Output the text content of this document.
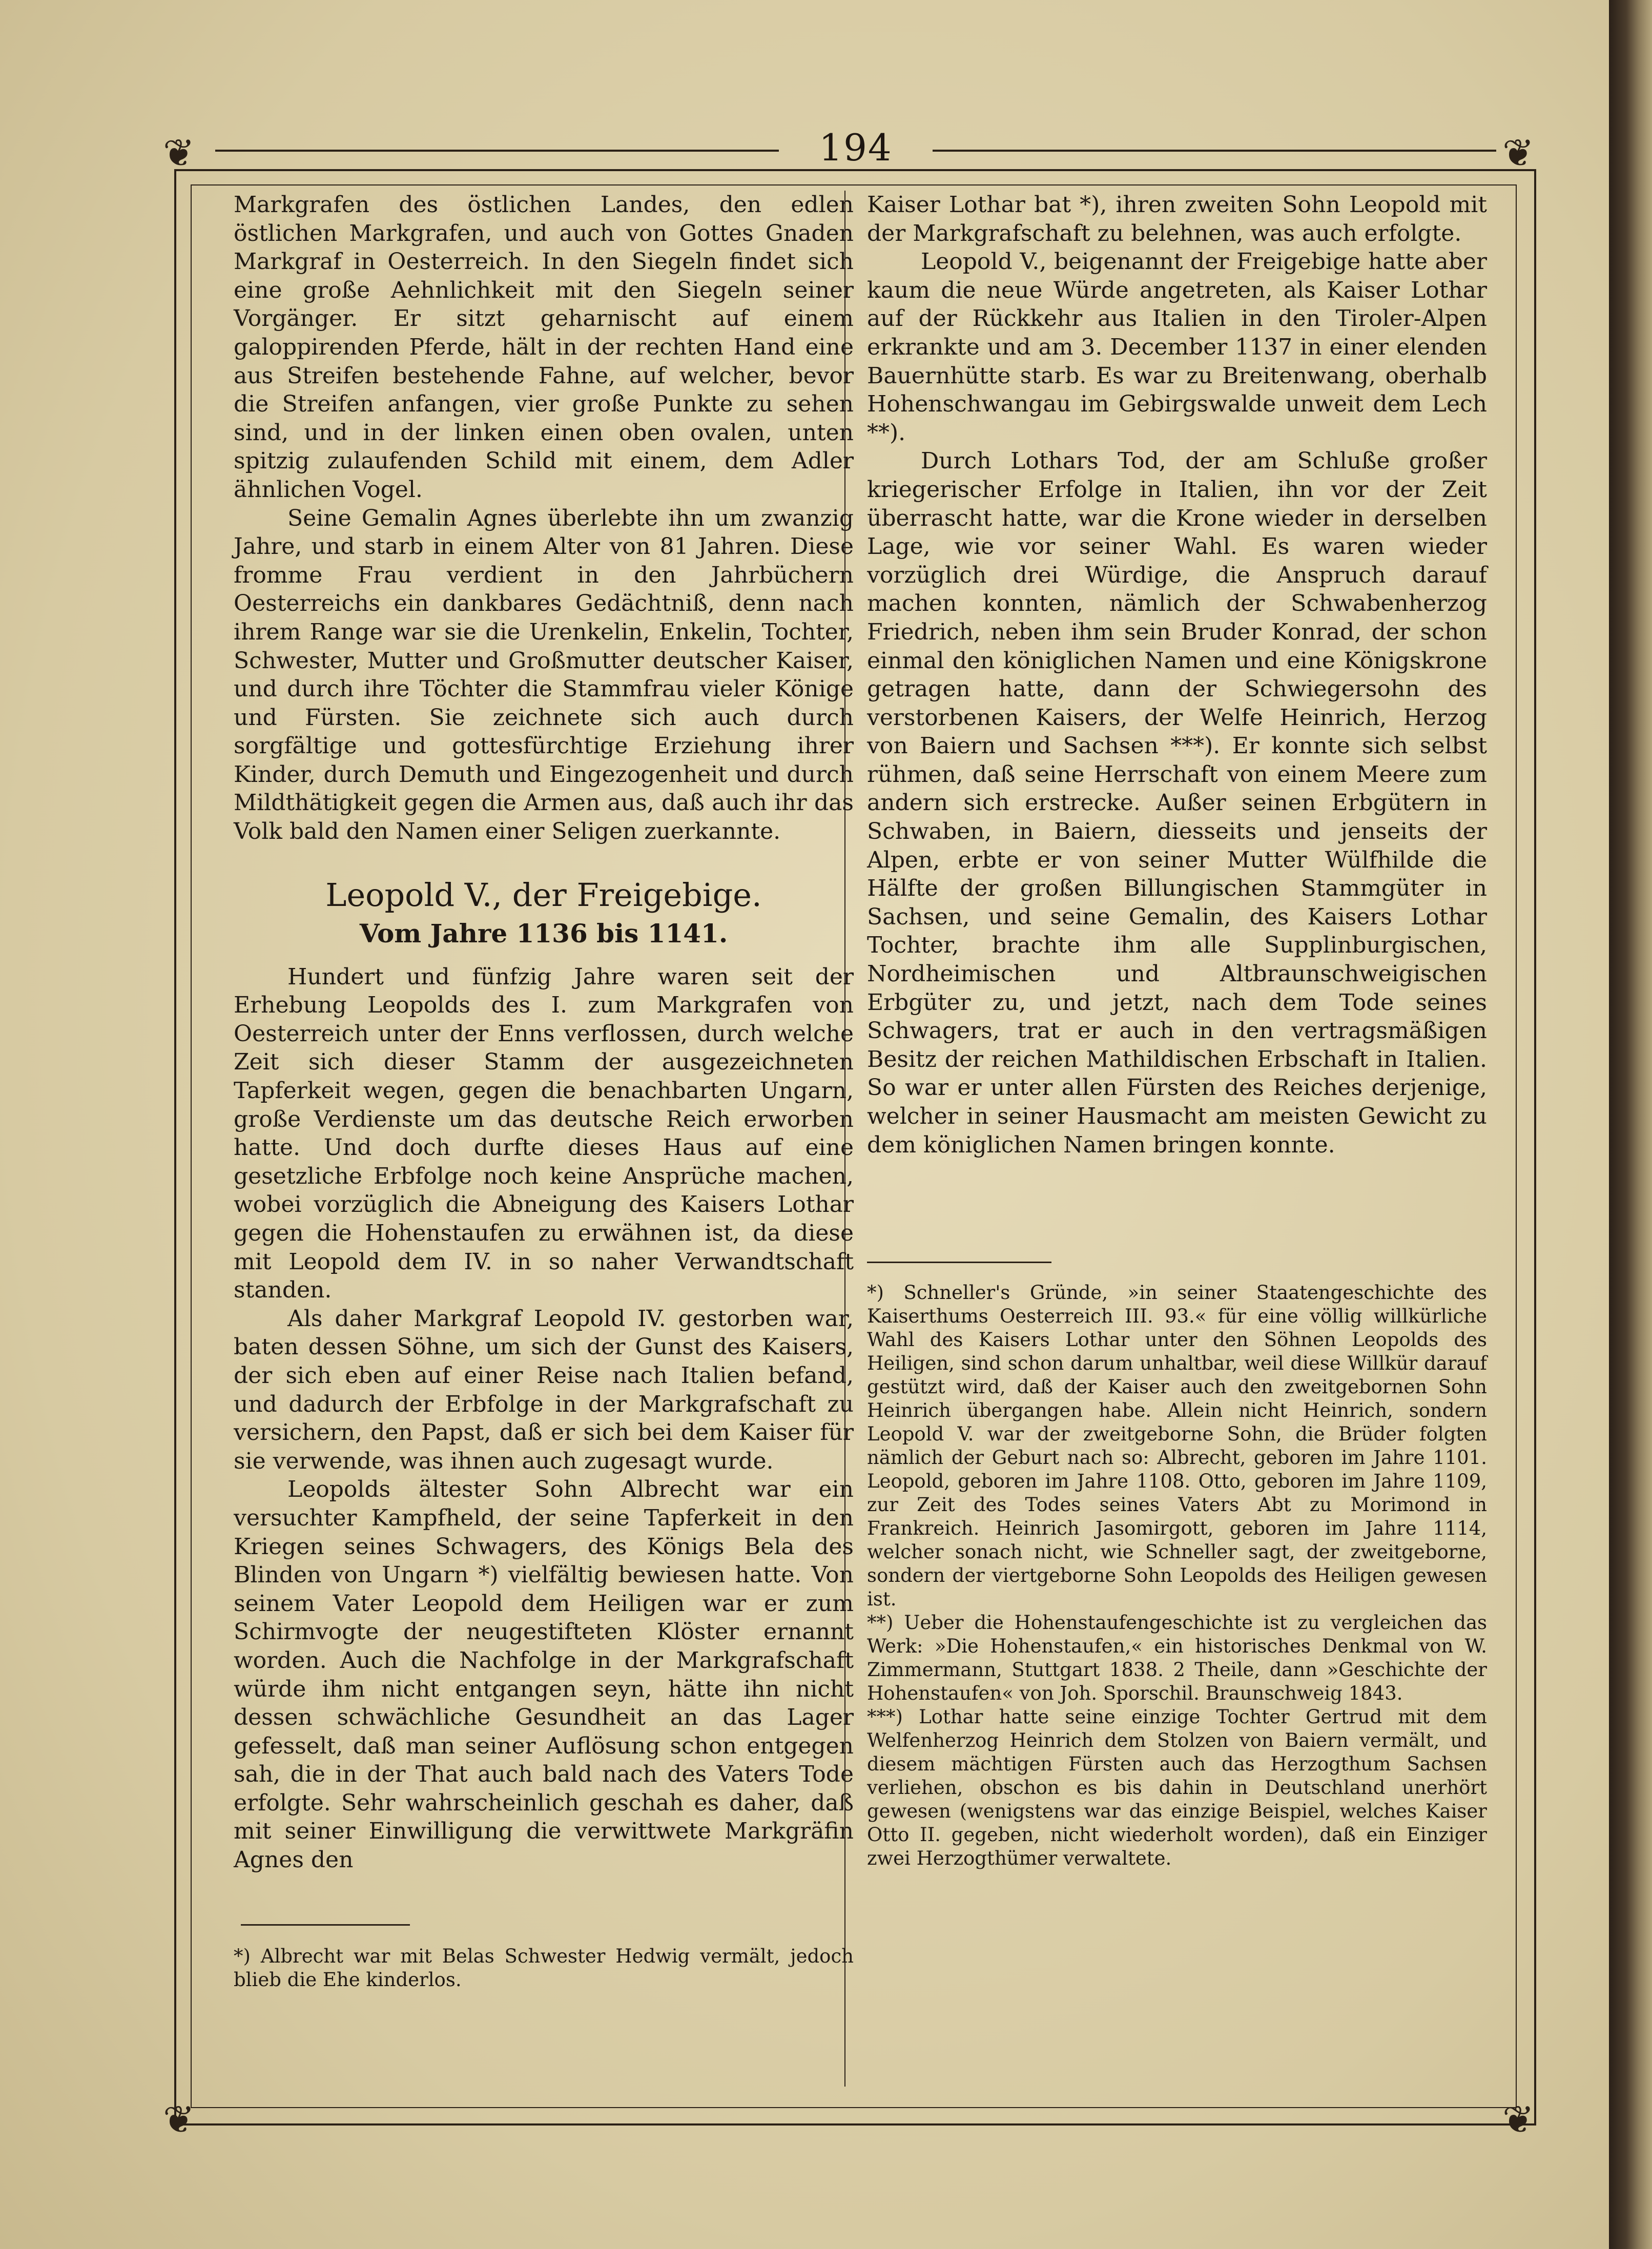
❦	❦
❦	❦
194

Markgrafen des östlichen Landes, den edlen östlichen Markgrafen, und auch von Gottes Gnaden Markgraf in Oesterreich. In den Siegeln findet sich eine große Aehnlichkeit mit den Siegeln seiner Vorgänger. Er sitzt geharnischt auf einem galoppirenden Pferde, hält in der rechten Hand eine aus Streifen bestehende Fahne, auf welcher, bevor die Streifen anfangen, vier große Punkte zu sehen sind, und in der linken einen oben ovalen, unten spitzig zulaufenden Schild mit einem, dem Adler ähnlichen Vogel.

Seine Gemalin Agnes überlebte ihn um zwanzig Jahre, und starb in einem Alter von 81 Jahren. Diese fromme Frau verdient in den Jahrbüchern Oesterreichs ein dankbares Gedächtniß, denn nach ihrem Range war sie die Urenkelin, Enkelin, Tochter, Schwester, Mutter und Großmutter deutscher Kaiser, und durch ihre Töchter die Stammfrau vieler Könige und Fürsten. Sie zeichnete sich auch durch sorgfältige und gottesfürchtige Erziehung ihrer Kinder, durch Demuth und Eingezogenheit und durch Mildthätigkeit gegen die Armen aus, daß auch ihr das Volk bald den Namen einer Seligen zuerkannte.

Leopold V., der Freigebige.
Vom Jahre 1136 bis 1141.

Hundert und fünfzig Jahre waren seit der Erhebung Leopolds des I. zum Markgrafen von Oesterreich unter der Enns verflossen, durch welche Zeit sich dieser Stamm der ausgezeichneten Tapferkeit wegen, gegen die benachbarten Ungarn, große Verdienste um das deutsche Reich erworben hatte. Und doch durfte dieses Haus auf eine gesetzliche Erbfolge noch keine Ansprüche machen, wobei vorzüglich die Abneigung des Kaisers Lothar gegen die Hohenstaufen zu erwähnen ist, da diese mit Leopold dem IV. in so naher Verwandtschaft standen.

Als daher Markgraf Leopold IV. gestorben war, baten dessen Söhne, um sich der Gunst des Kaisers, der sich eben auf einer Reise nach Italien befand, und dadurch der Erbfolge in der Markgrafschaft zu versichern, den Papst, daß er sich bei dem Kaiser für sie verwende, was ihnen auch zugesagt wurde.

Leopolds ältester Sohn Albrecht war ein versuchter Kampfheld, der seine Tapferkeit in den Kriegen seines Schwagers, des Königs Bela des Blinden von Ungarn *) vielfältig bewiesen hatte. Von seinem Vater Leopold dem Heiligen war er zum Schirmvogte der neugestifteten Klöster ernannt worden. Auch die Nachfolge in der Markgrafschaft würde ihm nicht entgangen seyn, hätte ihn nicht dessen schwächliche Gesundheit an das Lager gefesselt, daß man seiner Auflösung schon entgegen sah, die in der That auch bald nach des Vaters Tode erfolgte. Sehr wahrscheinlich geschah es daher, daß mit seiner Einwilligung die verwittwete Markgräfin Agnes den

*) Albrecht war mit Belas Schwester Hedwig vermält, jedoch blieb die Ehe kinderlos.

Kaiser Lothar bat *), ihren zweiten Sohn Leopold mit der Markgrafschaft zu belehnen, was auch erfolgte.

Leopold V., beigenannt der Freigebige hatte aber kaum die neue Würde angetreten, als Kaiser Lothar auf der Rückkehr aus Italien in den Tiroler-Alpen erkrankte und am 3. December 1137 in einer elenden Bauernhütte starb. Es war zu Breitenwang, oberhalb Hohenschwangau im Gebirgswalde unweit dem Lech **).

Durch Lothars Tod, der am Schluße großer kriegerischer Erfolge in Italien, ihn vor der Zeit überrascht hatte, war die Krone wieder in derselben Lage, wie vor seiner Wahl. Es waren wieder vorzüglich drei Würdige, die Anspruch darauf machen konnten, nämlich der Schwabenherzog Friedrich, neben ihm sein Bruder Konrad, der schon einmal den königlichen Namen und eine Königskrone getragen hatte, dann der Schwiegersohn des verstorbenen Kaisers, der Welfe Heinrich, Herzog von Baiern und Sachsen ***). Er konnte sich selbst rühmen, daß seine Herrschaft von einem Meere zum andern sich erstrecke. Außer seinen Erbgütern in Schwaben, in Baiern, diesseits und jenseits der Alpen, erbte er von seiner Mutter Wülfhilde die Hälfte der großen Billungischen Stammgüter in Sachsen, und seine Gemalin, des Kaisers Lothar Tochter, brachte ihm alle Supplinburgischen, Nordheimischen und Altbraunschweigischen Erbgüter zu, und jetzt, nach dem Tode seines Schwagers, trat er auch in den vertragsmäßigen Besitz der reichen Mathildischen Erbschaft in Italien. So war er unter allen Fürsten des Reiches derjenige, welcher in seiner Hausmacht am meisten Gewicht zu dem königlichen Namen bringen konnte.

*) Schneller's Gründe, »in seiner Staatengeschichte des Kaiserthums Oesterreich III. 93.« für eine völlig willkürliche Wahl des Kaisers Lothar unter den Söhnen Leopolds des Heiligen, sind schon darum unhaltbar, weil diese Willkür darauf gestützt wird, daß der Kaiser auch den zweitgebornen Sohn Heinrich übergangen habe. Allein nicht Heinrich, sondern Leopold V. war der zweitgeborne Sohn, die Brüder folgten nämlich der Geburt nach so: Albrecht, geboren im Jahre 1101. Leopold, geboren im Jahre 1108. Otto, geboren im Jahre 1109, zur Zeit des Todes seines Vaters Abt zu Morimond in Frankreich. Heinrich Jasomirgott, geboren im Jahre 1114, welcher sonach nicht, wie Schneller sagt, der zweitgeborne, sondern der viertgeborne Sohn Leopolds des Heiligen gewesen ist.

**) Ueber die Hohenstaufengeschichte ist zu vergleichen das Werk: »Die Hohenstaufen,« ein historisches Denkmal von W. Zimmermann, Stuttgart 1838. 2 Theile, dann »Geschichte der Hohenstaufen« von Joh. Sporschil. Braunschweig 1843.

***) Lothar hatte seine einzige Tochter Gertrud mit dem Welfenherzog Heinrich dem Stolzen von Baiern vermält, und diesem mächtigen Fürsten auch das Herzogthum Sachsen verliehen, obschon es bis dahin in Deutschland unerhört gewesen (wenigstens war das einzige Beispiel, welches Kaiser Otto II. gegeben, nicht wiederholt worden), daß ein Einziger zwei Herzogthümer verwaltete.
